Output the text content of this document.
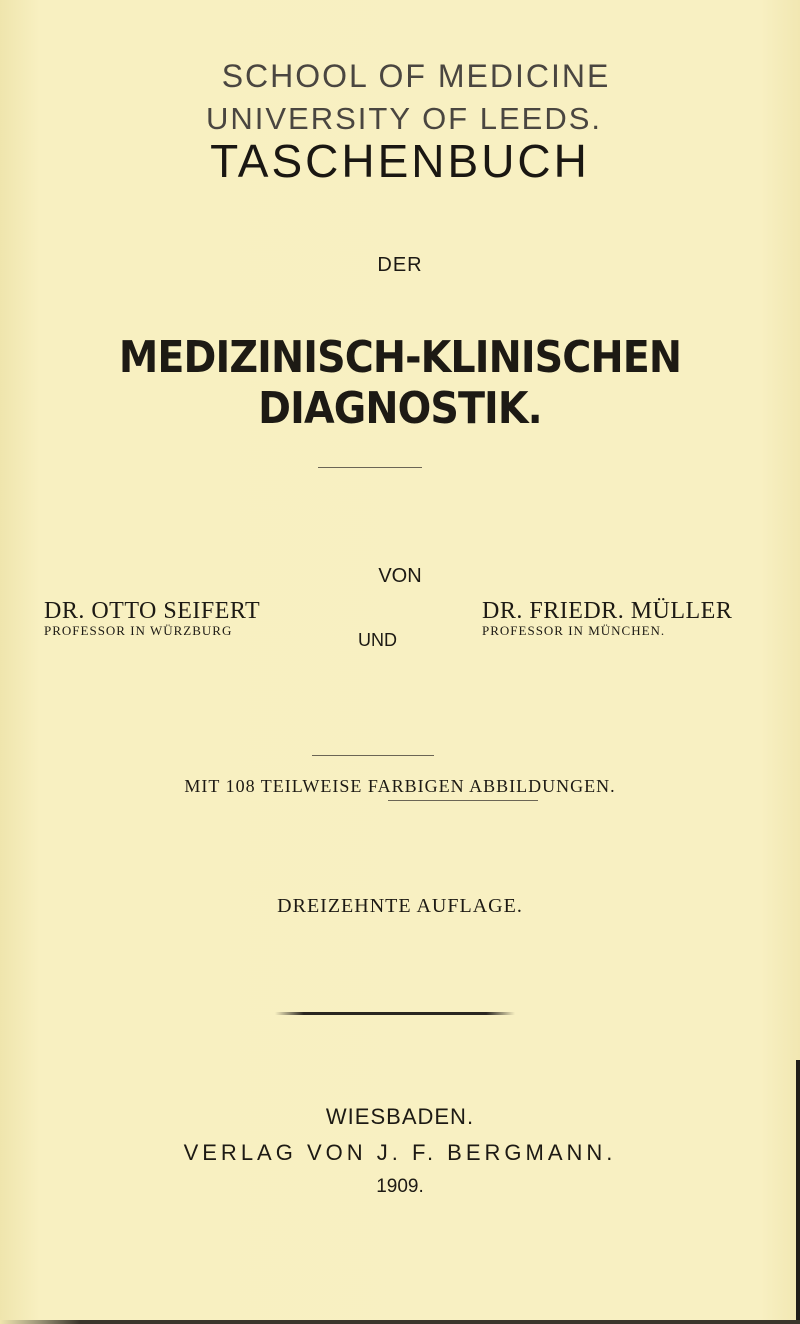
SCHOOL OF MEDICINE
UNIVERSITY OF LEEDS.
TASCHENBUCH
DER
MEDIZINISCH-KLINISCHEN DIAGNOSTIK.
VON
DR. OTTO SEIFERT
PROFESSOR IN WÜRZBURG	UND
DR. FRIEDR. MÜLLER
PROFESSOR IN MÜNCHEN.
MIT 108 TEILWEISE FARBIGEN ABBILDUNGEN.
DREIZEHNTE AUFLAGE.
WIESBADEN.
VERLAG VON J. F. BERGMANN.
1909.
